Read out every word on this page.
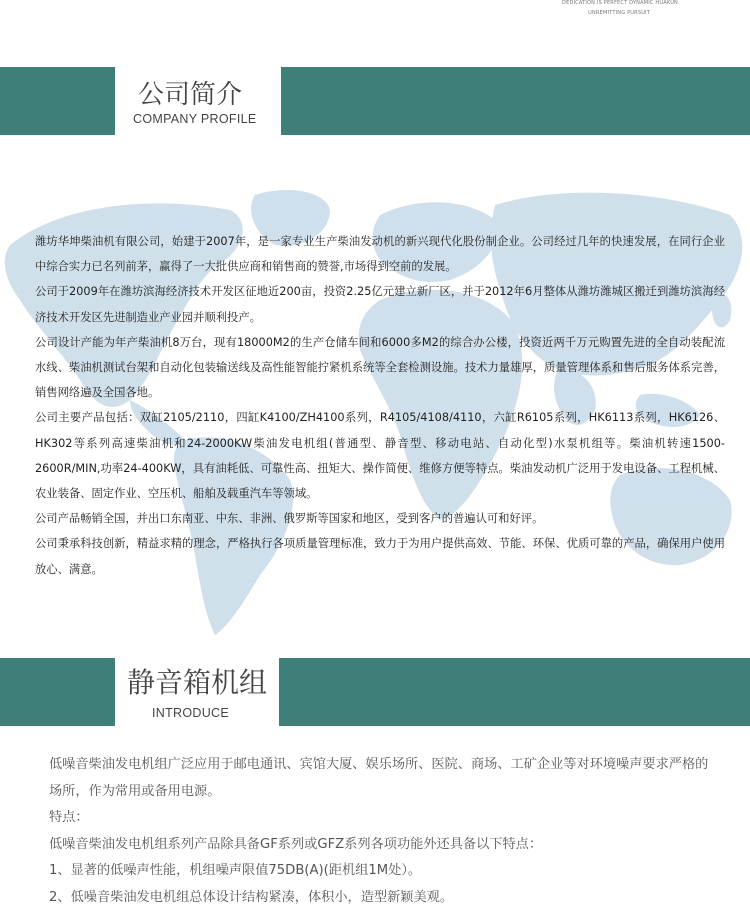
DEDICATION IS PERFECT DYNAMIC HUAKUN
UNREMITTING PURSUIT
公司简介
COMPANY PROFILE

潍坊华坤柴油机有限公司，始建于2007年，是一家专业生产柴油发动机的新兴现代化股份制企业。公司经过几年的快速发展，在同行企业中综合实力已名列前茅，赢得了一大批供应商和销售商的赞誉,市场得到空前的发展。

公司于2009年在潍坊滨海经济技术开发区征地近200亩，投资2.25亿元建立新厂区，并于2012年6月整体从潍坊潍城区搬迁到潍坊滨海经济技术开发区先进制造业产业园并顺利投产。

公司设计产能为年产柴油机8万台，现有18000M2的生产仓储车间和6000多M2的综合办公楼，投资近两千万元购置先进的全自动装配流水线、柴油机测试台架和自动化包装输送线及高性能智能拧紧机系统等全套检测设施。技术力量雄厚，质量管理体系和售后服务体系完善，销售网络遍及全国各地。

公司主要产品包括：双缸2105/2110，四缸K4100/ZH4100系列，R4105/4108/4110，六缸R6105系列，HK6113系列，HK6126、HK302等系列高速柴油机和24-2000KW柴油发电机组(普通型、静音型、移动电站、自动化型)水泵机组等。柴油机转速1500-2600R/MIN,功率24-400KW，具有油耗低、可靠性高、扭矩大、操作简便、维修方便等特点。柴油发动机广泛用于发电设备、工程机械、农业装备、固定作业、空压机、船舶及载重汽车等领域。

公司产品畅销全国，并出口东南亚、中东、非洲、俄罗斯等国家和地区，受到客户的普遍认可和好评。

公司秉承科技创新，精益求精的理念，严格执行各项质量管理标准，致力于为用户提供高效、节能、环保、优质可靠的产品，确保用户使用放心、满意。

静音箱机组
INTRODUCE

低噪音柴油发电机组广泛应用于邮电通讯、宾馆大厦、娱乐场所、医院、商场、工矿企业等对环境噪声要求严格的场所，作为常用或备用电源。

特点：

低噪音柴油发电机组系列产品除具备GF系列或GFZ系列各项功能外还具备以下特点：

1、显著的低噪声性能，机组噪声限值75DB(A)(距机组1M处）。

2、低噪音柴油发电机组总体设计结构紧凑，体积小，造型新颖美观。
